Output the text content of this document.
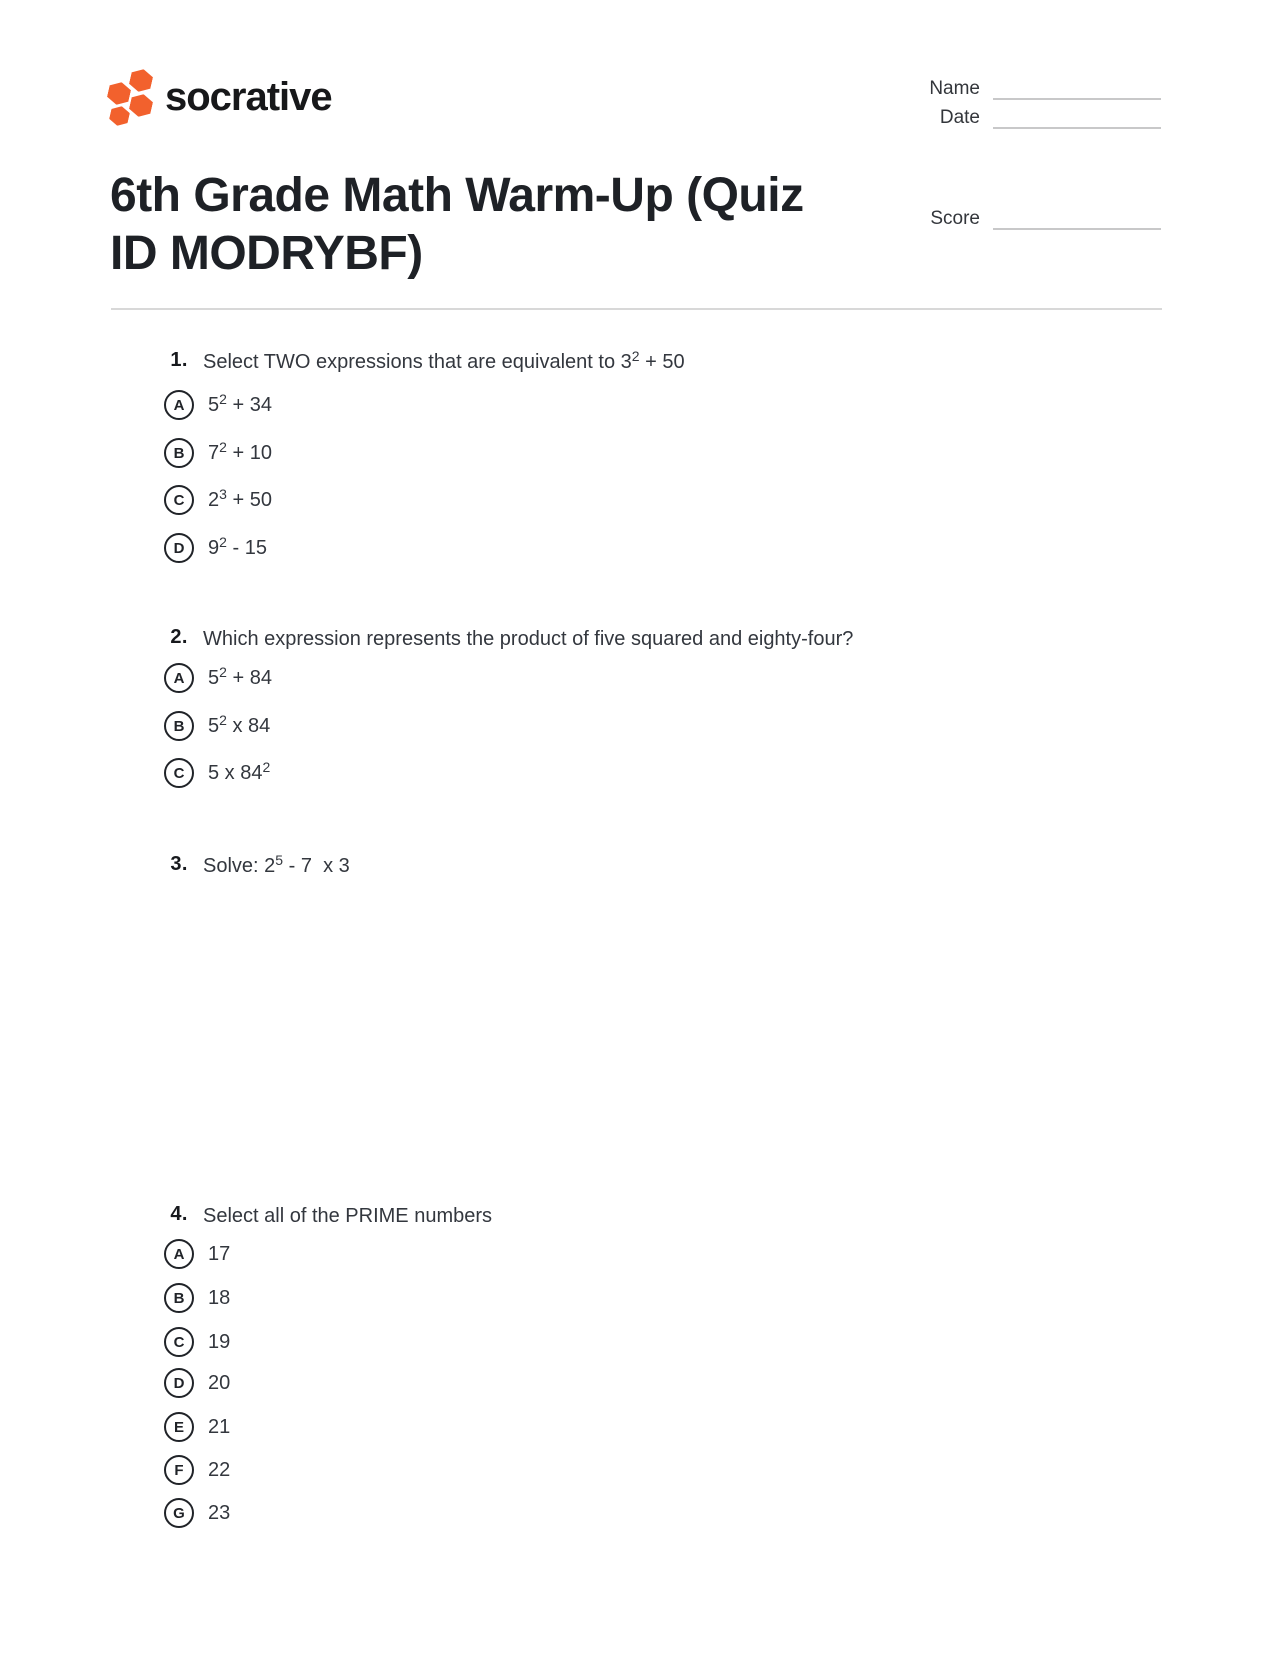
socrative	Name
Date
Score
6th Grade Math Warm-Up (Quiz
ID MODRYBF)
1. Select TWO expressions that are equivalent to $3^2 + 50$
A	$5^2 + 34$
B	$7^2 + 10$
C	$2^3 + 50$
D	$9^2 - 15$
2. Which expression represents the product of five squared and eighty-four?
A	$5^2 + 84$
B	$5^2$ x 84
C	5 x $84^2$
3. Solve: $2^5 - 7$  x 3
4. Select all of the PRIME numbers
A	17
B	18
C	19
D	20
E	21
F	22
G	23
